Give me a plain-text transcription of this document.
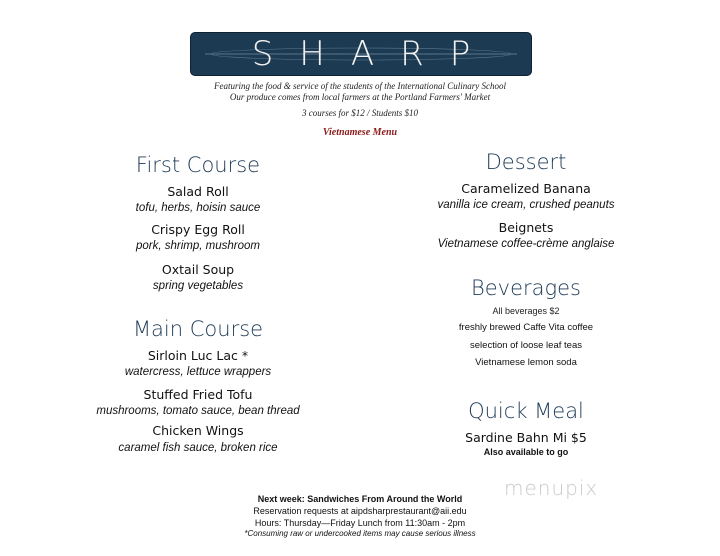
SHARP
Featuring the food & service of the students of the International Culinary School
Our produce comes from local farmers at the Portland Farmers' Market
3 courses for $12 / Students $10
Vietnamese Menu
First Course
Salad Roll
tofu, herbs, hoisin sauce
Crispy Egg Roll
pork, shrimp, mushroom
Oxtail Soup
spring vegetables
Main Course
Sirloin Luc Lac *
watercress, lettuce wrappers
Stuffed Fried Tofu
mushrooms, tomato sauce, bean thread
Chicken Wings
caramel fish sauce, broken rice
Dessert
Caramelized Banana
vanilla ice cream, crushed peanuts
Beignets
Vietnamese coffee-crème anglaise
Beverages
All beverages $2
freshly brewed Caffe Vita coffee
selection of loose leaf teas
Vietnamese lemon soda
Quick Meal
Sardine Bahn Mi $5
Also available to go
menupix
Next week: Sandwiches From Around the World
Reservation requests at aipdsharprestaurant@aii.edu
Hours: Thursday—Friday Lunch from 11:30am - 2pm
*Consuming raw or undercooked items may cause serious illness
